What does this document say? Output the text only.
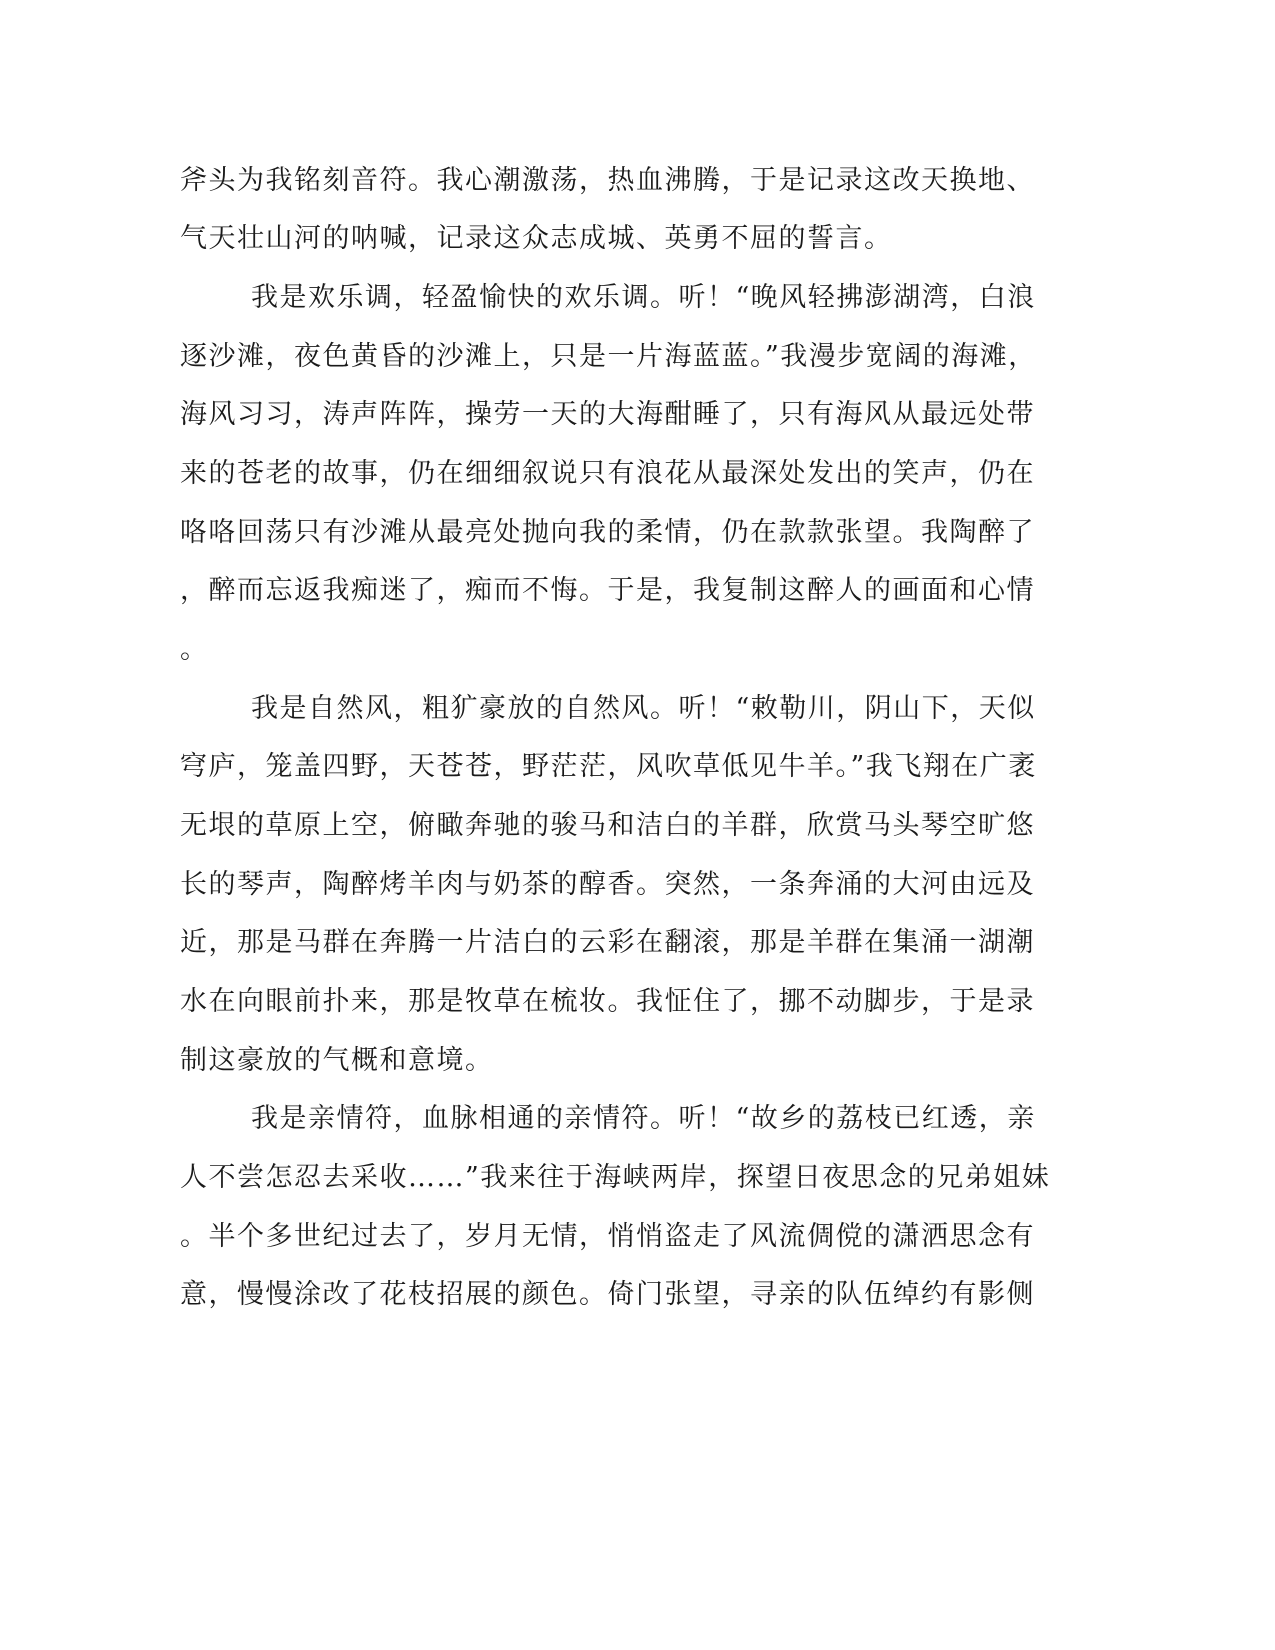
斧头为我铭刻音符。我心潮激荡，热血沸腾，于是记录这改天换地、
气天壮山河的呐喊，记录这众志成城、英勇不屈的誓言。
我是欢乐调，轻盈愉快的欢乐调。听！“晚风轻拂澎湖湾，白浪
逐沙滩，夜色黄昏的沙滩上，只是一片海蓝蓝。”我漫步宽阔的海滩，
海风习习，涛声阵阵，操劳一天的大海酣睡了，只有海风从最远处带
来的苍老的故事，仍在细细叙说只有浪花从最深处发出的笑声，仍在
咯咯回荡只有沙滩从最亮处抛向我的柔情，仍在款款张望。我陶醉了
，醉而忘返我痴迷了，痴而不悔。于是，我复制这醉人的画面和心情
。
我是自然风，粗犷豪放的自然风。听！“敕勒川，阴山下，天似
穹庐，笼盖四野，天苍苍，野茫茫，风吹草低见牛羊。”我飞翔在广袤
无垠的草原上空，俯瞰奔驰的骏马和洁白的羊群，欣赏马头琴空旷悠
长的琴声，陶醉烤羊肉与奶茶的醇香。突然，一条奔涌的大河由远及
近，那是马群在奔腾一片洁白的云彩在翻滚，那是羊群在集涌一湖潮
水在向眼前扑来，那是牧草在梳妆。我怔住了，挪不动脚步，于是录
制这豪放的气概和意境。
我是亲情符，血脉相通的亲情符。听！“故乡的荔枝已红透，亲
人不尝怎忍去采收……”我来往于海峡两岸，探望日夜思念的兄弟姐妹
。半个多世纪过去了，岁月无情，悄悄盗走了风流倜傥的潇洒思念有
意，慢慢涂改了花枝招展的颜色。倚门张望，寻亲的队伍绰约有影侧
